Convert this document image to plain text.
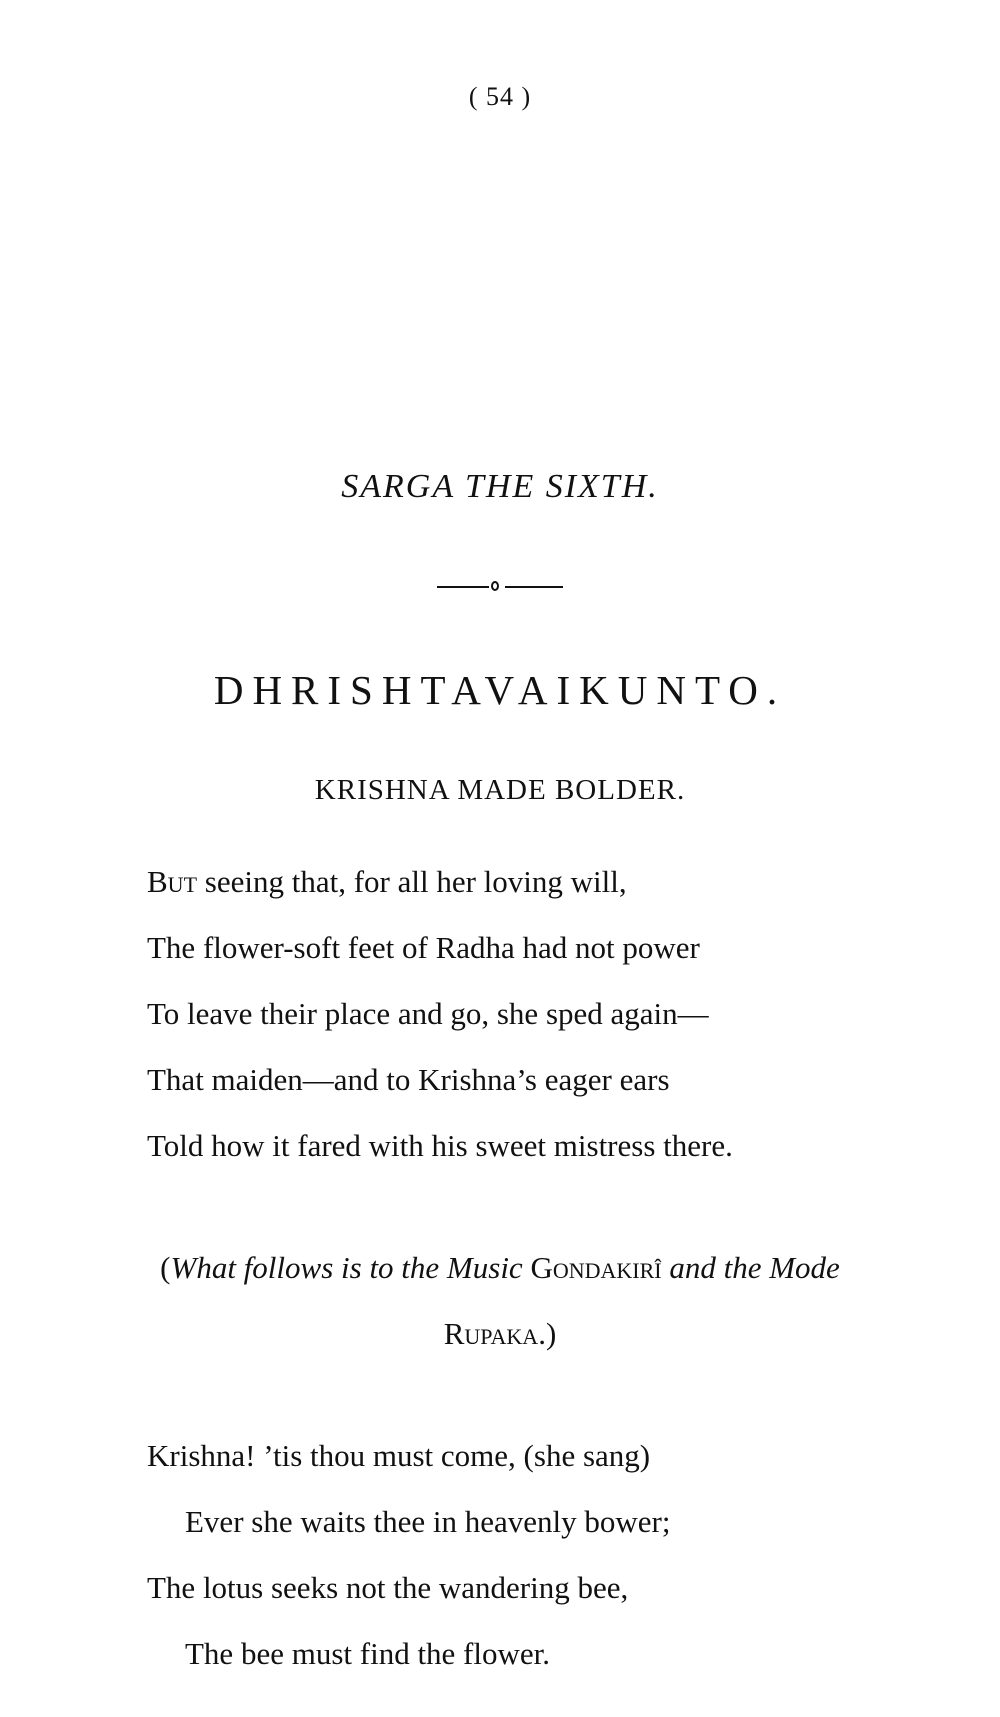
( 54 )
SARGA THE SIXTH.
DHRISHTAVAIKUNTO.
KRISHNA MADE BOLDER.
But seeing that, for all her loving will,
The flower-soft feet of Radha had not power
To leave their place and go, she sped again—
That maiden—and to Krishna’s eager ears
Told how it fared with his sweet mistress there.
(What follows is to the Music Gondakirî and the Mode
Rupaka.)
Krishna! ’tis thou must come, (she sang)
Ever she waits thee in heavenly bower;
The lotus seeks not the wandering bee,
The bee must find the flower.
